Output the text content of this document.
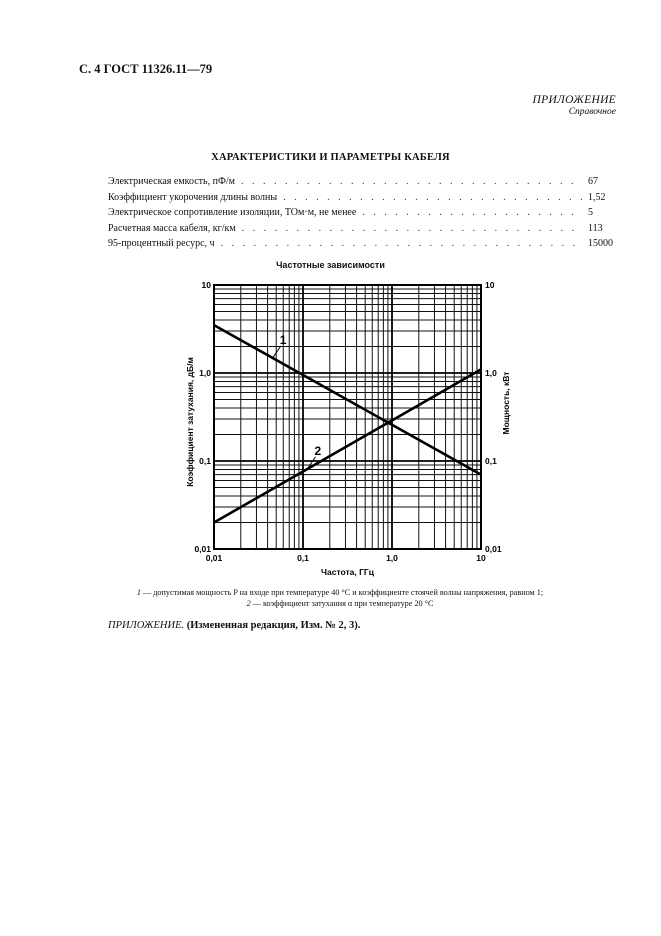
С. 4 ГОСТ 11326.11—79
ПРИЛОЖЕНИЕ
Справочное
ХАРАКТЕРИСТИКИ И ПАРАМЕТРЫ КАБЕЛЯ
Электрическая емкость, пФ/м . . .	67
Коэффициент укорочения длины волны . . .	1,52
Электрическое сопротивление изоляции, ТОм·м, не менее . . .	5
Расчетная масса кабеля, кг/км . . .	113
95-процентный ресурс, ч . . .	15000
Частотные зависимости
0,01	0,1	1,0	10
0,01
0,1
1,0
10
0,01
0,1
1,0
10
Частота, ГГц
Коэффициент затухания, дБ/м	Мощность, кВт
1
2
1 — допустимая мощность P на входе при температуре 40 °С и коэффициенте стоячей волны напряжения, равном 1;
2 — коэффициент затухания α при температуре 20 °С
ПРИЛОЖЕНИЕ. (Измененная редакция, Изм. № 2, 3).
